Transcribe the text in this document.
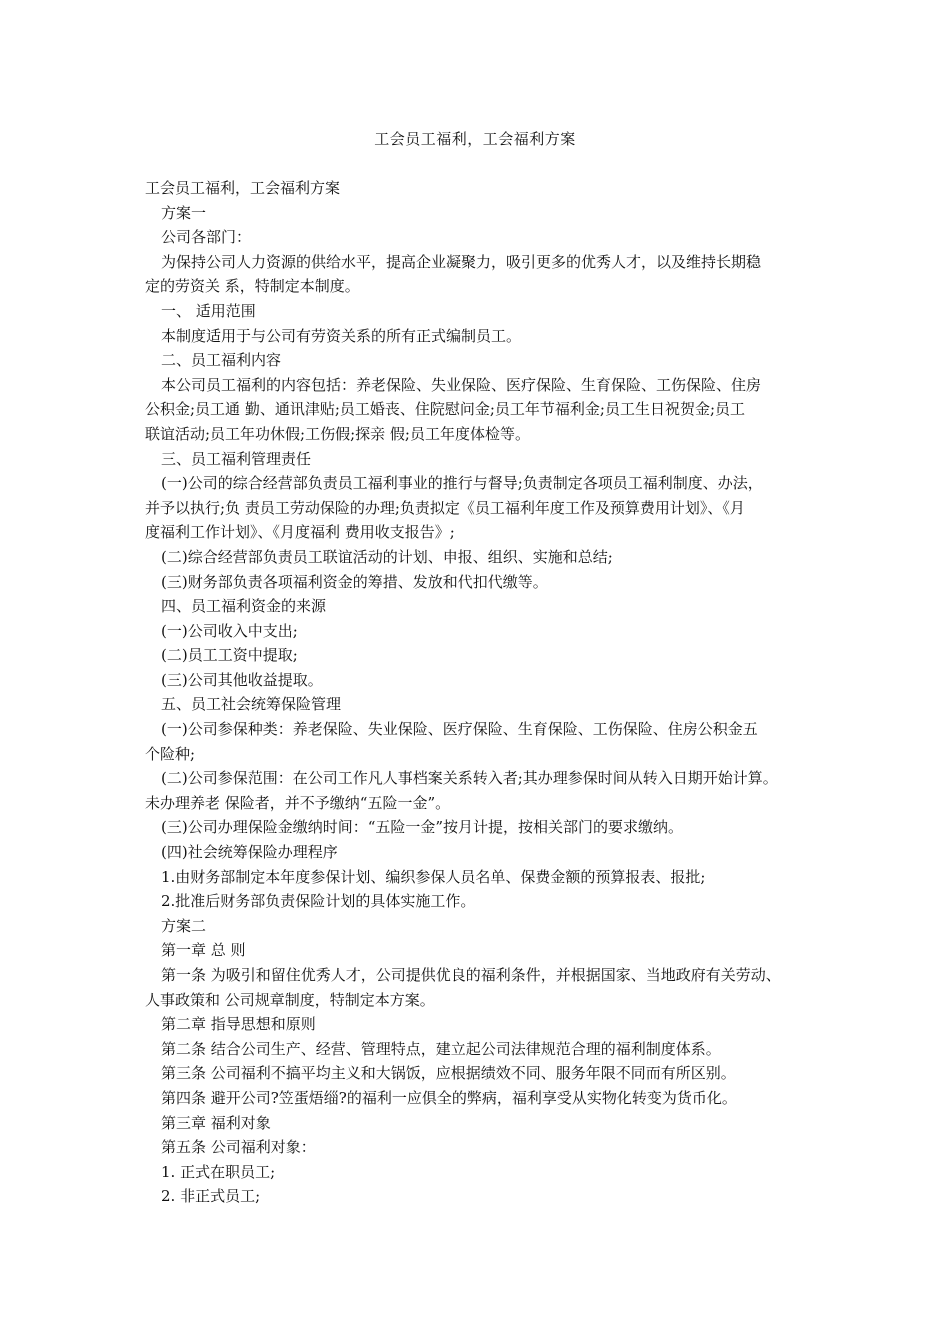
工会员工福利，工会福利方案

工会员工福利，工会福利方案

方案一

公司各部门：

为保持公司人力资源的供给水平，提高企业凝聚力，吸引更多的优秀人才，以及维持长期稳

定的劳资关 系，特制定本制度。

一、 适用范围

本制度适用于与公司有劳资关系的所有正式编制员工。

二、员工福利内容

本公司员工福利的内容包括：养老保险、失业保险、医疗保险、生育保险、工伤保险、住房

公积金;员工通 勤、通讯津贴;员工婚丧、住院慰问金;员工年节福利金;员工生日祝贺金;员工

联谊活动;员工年功休假;工伤假;探亲 假;员工年度体检等。

三、员工福利管理责任

(一)公司的综合经营部负责员工福利事业的推行与督导;负责制定各项员工福利制度、办法，

并予以执行;负 责员工劳动保险的办理;负责拟定《员工福利年度工作及预算费用计划》、《月

度福利工作计划》、《月度福利 费用收支报告》;

(二)综合经营部负责员工联谊活动的计划、申报、组织、实施和总结;

(三)财务部负责各项福利资金的筹措、发放和代扣代缴等。

四、员工福利资金的来源

(一)公司收入中支出;

(二)员工工资中提取;

(三)公司其他收益提取。

五、员工社会统筹保险管理

(一)公司参保种类：养老保险、失业保险、医疗保险、生育保险、工伤保险、住房公积金五

个险种;

(二)公司参保范围：在公司工作凡人事档案关系转入者;其办理参保时间从转入日期开始计算。

未办理养老 保险者，并不予缴纳“五险一金”。

(三)公司办理保险金缴纳时间：“五险一金”按月计提，按相关部门的要求缴纳。

(四)社会统筹保险办理程序

1.由财务部制定本年度参保计划、编织参保人员名单、保费金额的预算报表、报批;

2.批准后财务部负责保险计划的具体实施工作。

方案二

第一章 总 则

第一条 为吸引和留住优秀人才，公司提供优良的福利条件，并根据国家、当地政府有关劳动、

人事政策和 公司规章制度，特制定本方案。

第二章 指导思想和原则

第二条 结合公司生产、经营、管理特点，建立起公司法律规范合理的福利制度体系。

第三条 公司福利不搞平均主义和大锅饭，应根据绩效不同、服务年限不同而有所区别。

第四条 避开公司?笠蛋焐缁?的福利一应俱全的弊病，福利享受从实物化转变为货币化。

第三章 福利对象

第五条 公司福利对象：

1. 正式在职员工;

2. 非正式员工;
